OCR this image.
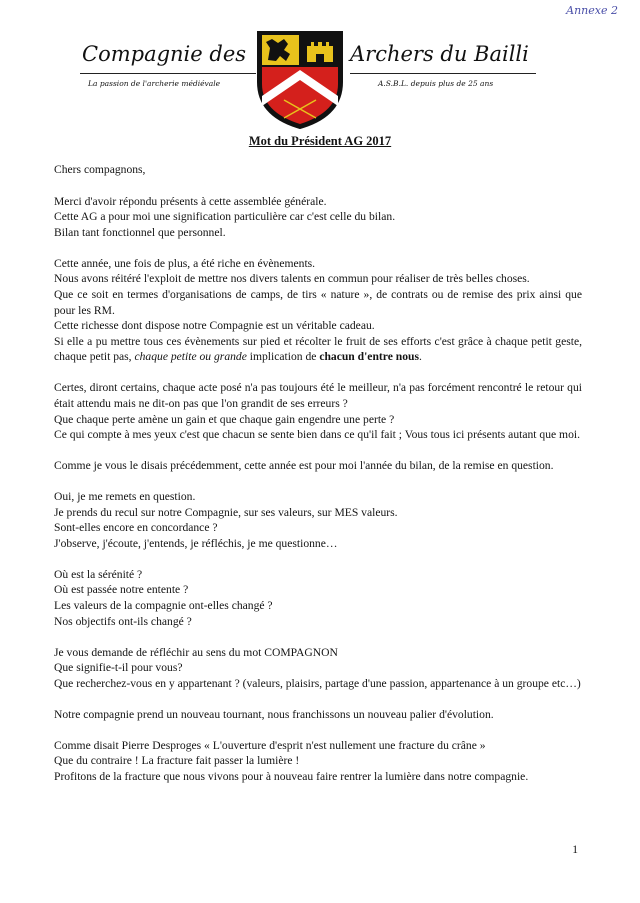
Annexe 2
Compagnie des
La passion de l'archerie médiévale
Archers du Bailli
A.S.B.L. depuis plus de 25 ans
Mot du Président AG 2017

Chers compagnons,

Merci d'avoir répondu présents à cette assemblée générale.
Cette AG a pour moi une signification particulière car c'est celle du bilan.
Bilan tant fonctionnel que personnel.

Cette année, une fois de plus, a été riche en évènements.
Nous avons réitéré l'exploit de mettre nos divers talents en commun pour réaliser de très belles choses.
Que ce soit en termes d'organisations de camps, de tirs « nature », de contrats ou de remise des prix ainsi que pour les RM.
Cette richesse dont dispose notre Compagnie est un véritable cadeau.
Si elle a pu mettre tous ces évènements sur pied et récolter le fruit de ses efforts c'est grâce à chaque petit geste, chaque petit pas, chaque petite ou grande implication de chacun d'entre nous.

Certes, diront certains, chaque acte posé n'a pas toujours été le meilleur, n'a pas forcément rencontré le retour qui était attendu mais ne dit-on pas que l'on grandit de ses erreurs ?
Que chaque perte amène un gain et que chaque gain engendre une perte ?
Ce qui compte à mes yeux c'est que chacun se sente bien dans ce qu'il fait ; Vous tous ici présents autant que moi.

Comme je vous le disais précédemment, cette année est pour moi l'année du bilan, de la remise en question.

Oui, je me remets en question.
Je prends du recul sur notre Compagnie, sur ses valeurs, sur MES valeurs.
Sont-elles encore en concordance ?
J'observe, j'écoute, j'entends, je réfléchis, je me questionne…

Où est la sérénité ?
Où est passée notre entente ?
Les valeurs de la compagnie ont-elles changé ?
Nos objectifs ont-ils changé ?

Je vous demande de réfléchir au sens du mot COMPAGNON
Que signifie-t-il pour vous?
Que recherchez-vous en y appartenant ? (valeurs, plaisirs, partage d'une passion, appartenance à un groupe etc…)

Notre compagnie prend un nouveau tournant, nous franchissons un nouveau palier d'évolution.

Comme disait Pierre Desproges « L'ouverture d'esprit n'est nullement une fracture du crâne »
Que du contraire ! La fracture fait passer la lumière !
Profitons de la fracture que nous vivons pour à nouveau faire rentrer la lumière dans notre compagnie.

1
